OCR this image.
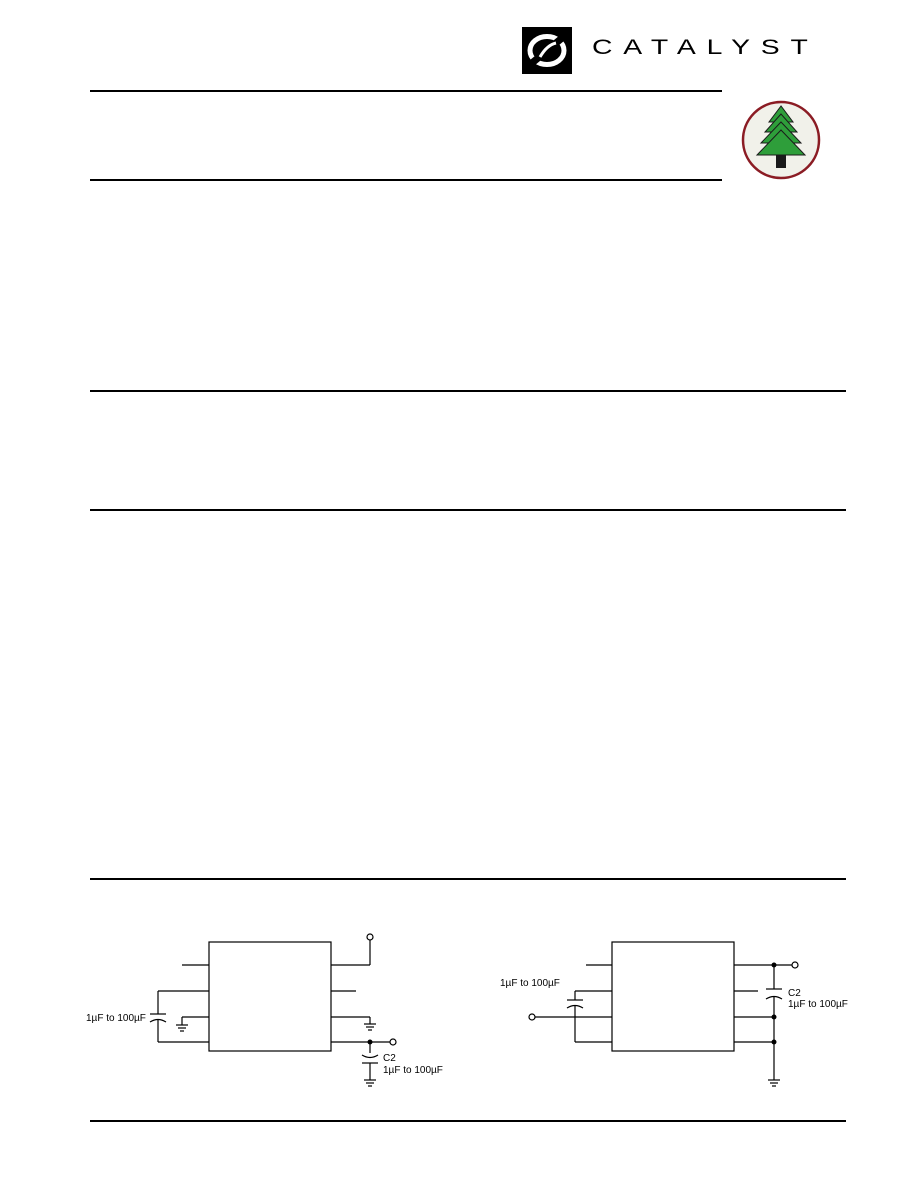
CATALYST
1µF to 100µF
C2
1µF to 100µF
1µF to 100µF
C2
1µF to 100µF
